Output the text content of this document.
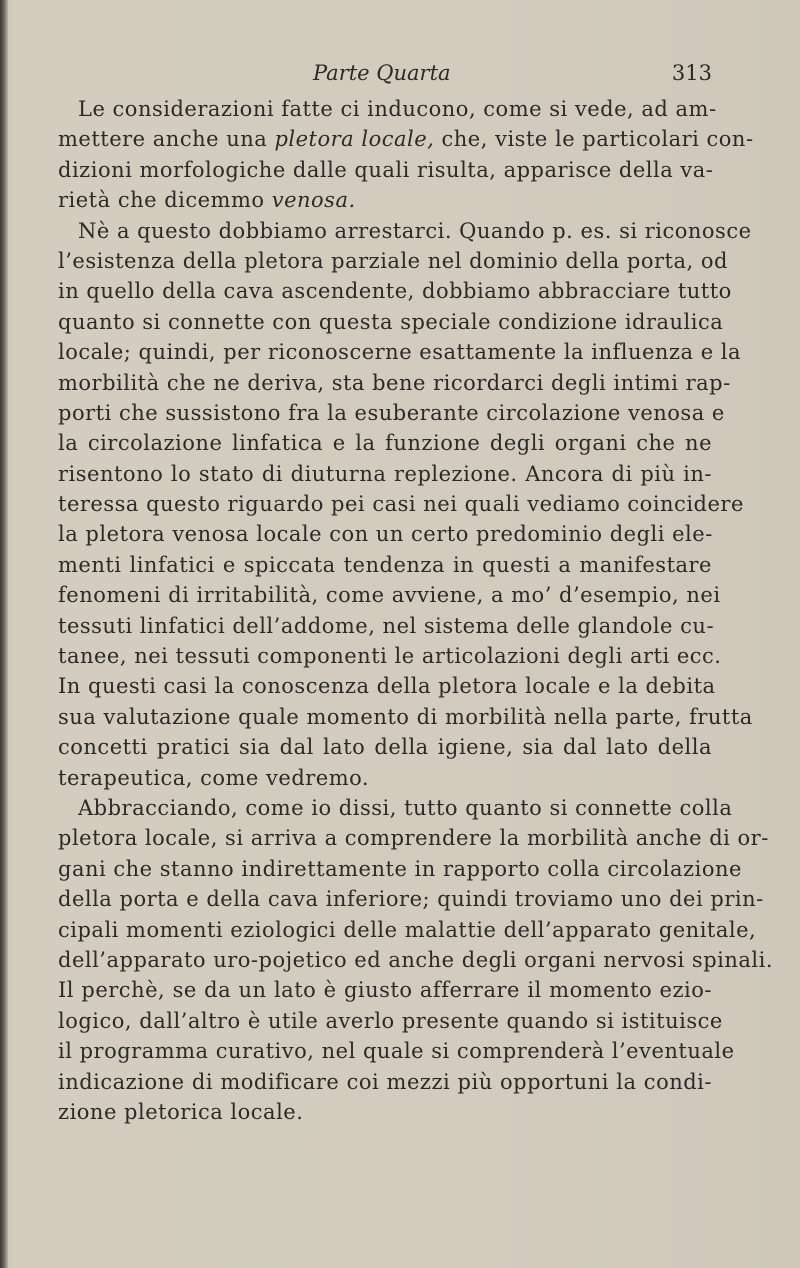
Parte Quarta	313
Le considerazioni fatte ci inducono, come si vede, ad am-
mettere anche una pletora locale, che, viste le particolari con-
dizioni morfologiche dalle quali risulta, apparisce della va-
rietà che dicemmo venosa.
Nè a questo dobbiamo arrestarci. Quando p. es. si riconosce
l’esistenza della pletora parziale nel dominio della porta, od
in quello della cava ascendente, dobbiamo abbracciare tutto
quanto si connette con questa speciale condizione idraulica
locale; quindi, per riconoscerne esattamente la influenza e la
morbilità che ne deriva, sta bene ricordarci degli intimi rap-
porti che sussistono fra la esuberante circolazione venosa e
la circolazione linfatica e la funzione degli organi che ne
risentono lo stato di diuturna replezione. Ancora di più in-
teressa questo riguardo pei casi nei quali vediamo coincidere
la pletora venosa locale con un certo predominio degli ele-
menti linfatici e spiccata tendenza in questi a manifestare
fenomeni di irritabilità, come avviene, a mo’ d’esempio, nei
tessuti linfatici dell’addome, nel sistema delle glandole cu-
tanee, nei tessuti componenti le articolazioni degli arti ecc.
In questi casi la conoscenza della pletora locale e la debita
sua valutazione quale momento di morbilità nella parte, frutta
concetti pratici sia dal lato della igiene, sia dal lato della
terapeutica, come vedremo.
Abbracciando, come io dissi, tutto quanto si connette colla
pletora locale, si arriva a comprendere la morbilità anche di or-
gani che stanno indirettamente in rapporto colla circolazione
della porta e della cava inferiore; quindi troviamo uno dei prin-
cipali momenti eziologici delle malattie dell’apparato genitale,
dell’apparato uro-pojetico ed anche degli organi nervosi spinali.
Il perchè, se da un lato è giusto afferrare il momento ezio-
logico, dall’altro è utile averlo presente quando si istituisce
il programma curativo, nel quale si comprenderà l’eventuale
indicazione di modificare coi mezzi più opportuni la condi-
zione pletorica locale.
